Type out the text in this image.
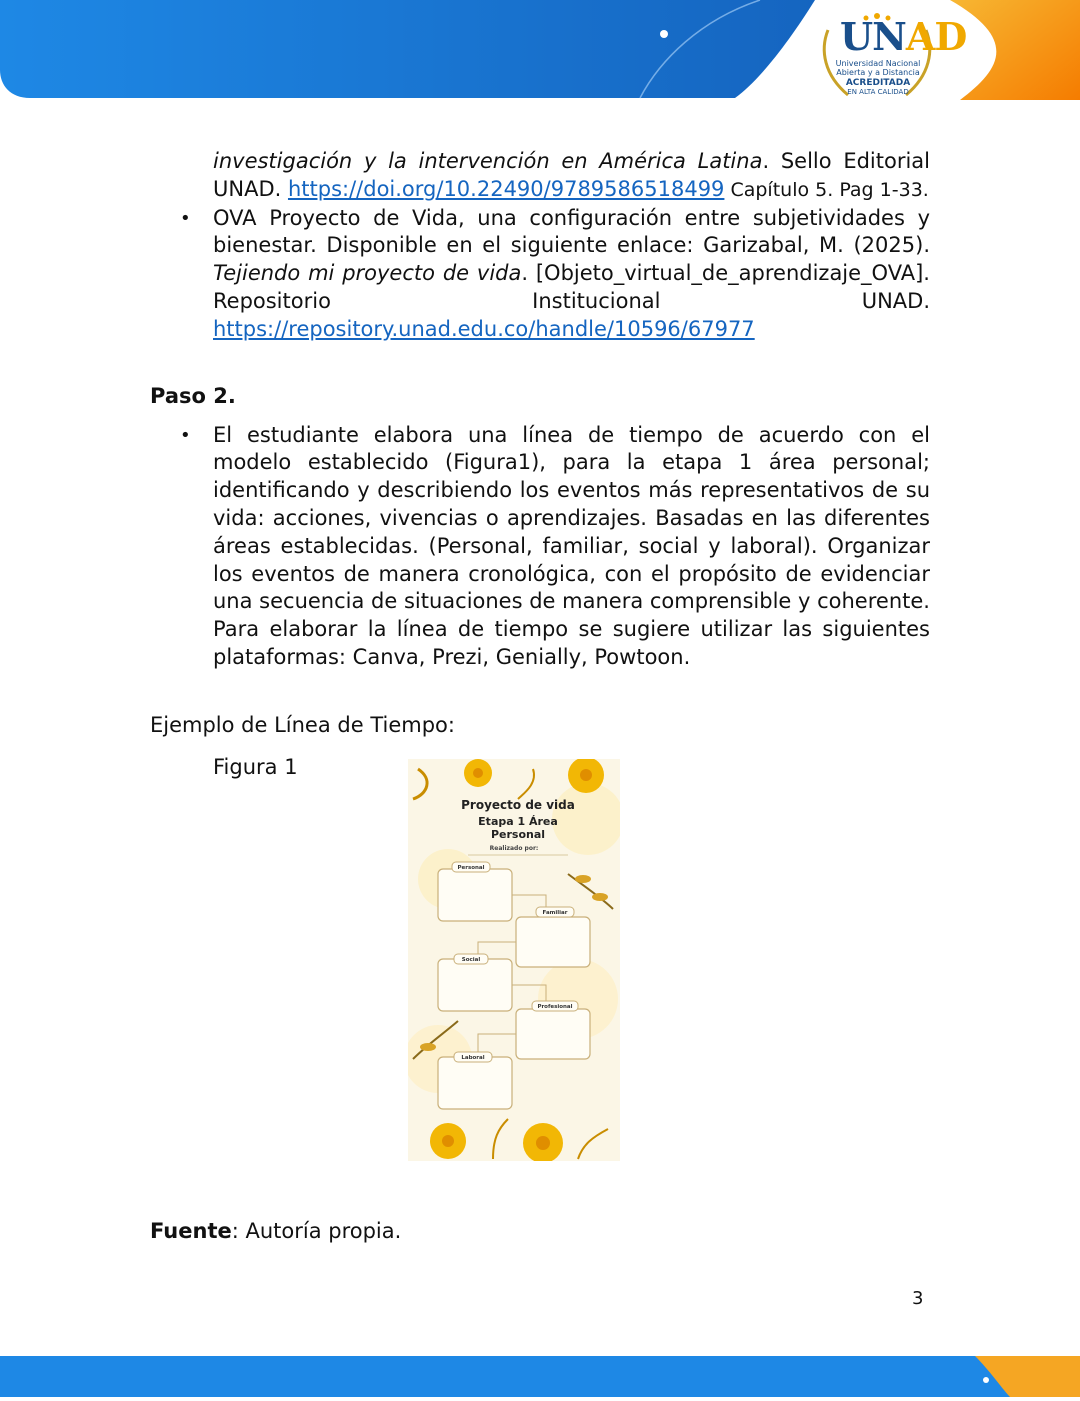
UNAD
Universidad Nacional
Abierta y a Distancia
ACREDITADA
EN ALTA CALIDAD
investigación y la intervención en América Latina. Sello Editorial UNAD. https://doi.org/10.22490/9789586518499 Capítulo 5. Pag 1-33.
• OVA Proyecto de Vida, una configuración entre subjetividades y bienestar. Disponible en el siguiente enlace: Garizabal, M. (2025). Tejiendo mi proyecto de vida. [Objeto_virtual_de_aprendizaje_OVA]. Repositorio Institucional UNAD. https://repository.unad.edu.co/handle/10596/67977
Paso 2.
• El estudiante elabora una línea de tiempo de acuerdo con el modelo establecido (Figura1), para la etapa 1 área personal; identificando y describiendo los eventos más representativos de su vida: acciones, vivencias o aprendizajes. Basadas en las diferentes áreas establecidas. (Personal, familiar, social y laboral). Organizar los eventos de manera cronológica, con el propósito de evidenciar una secuencia de situaciones de manera comprensible y coherente.
Para elaborar la línea de tiempo se sugiere utilizar las siguientes plataformas: Canva, Prezi, Genially, Powtoon.
Ejemplo de Línea de Tiempo:
Figura 1
Proyecto de vida
Etapa 1 Área
Personal
Realizado por:
Personal
Familiar
Social
Profesional
Laboral
Fuente: Autoría propia.
3
